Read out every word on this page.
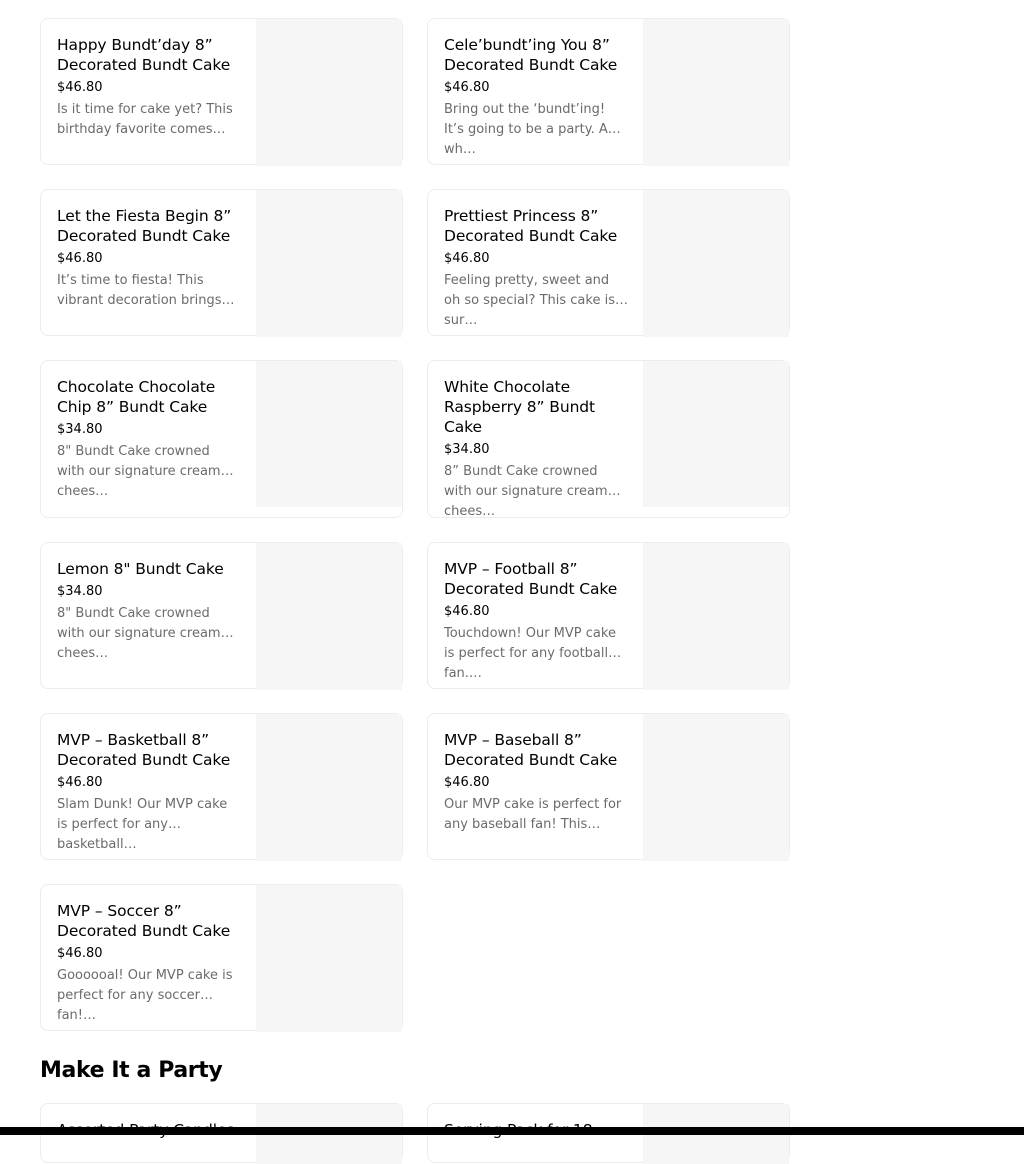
Happy Bundt’day 8” Decorated Bundt Cake
$46.80
Is it time for cake yet? This birthday favorite comes…
Cele’bundt’ing You 8” Decorated Bundt Cake
$46.80
Bring out the ‘bundt’ing! It’s going to be a party. And wh…
Let the Fiesta Begin 8” Decorated Bundt Cake
$46.80
It’s time to fiesta! This vibrant decoration brings…
Prettiest Princess 8” Decorated Bundt Cake
$46.80
Feeling pretty, sweet and oh so special? This cake is sur…
Chocolate Chocolate Chip 8” Bundt Cake
$34.80
8" Bundt Cake crowned with our signature cream chees…
White Chocolate Raspberry 8” Bundt Cake
$34.80
8” Bundt Cake crowned with our signature cream chees…
Lemon 8" Bundt Cake
$34.80
8" Bundt Cake crowned with our signature cream chees…
MVP – Football 8” Decorated Bundt Cake
$46.80
Touchdown! Our MVP cake is perfect for any football fan.…
MVP – Basketball 8” Decorated Bundt Cake
$46.80
Slam Dunk! Our MVP cake is perfect for any basketball…
MVP – Baseball 8” Decorated Bundt Cake
$46.80
Our MVP cake is perfect for any baseball fan! This…
MVP – Soccer 8” Decorated Bundt Cake
$46.80
Goooooal! Our MVP cake is perfect for any soccer fan!…
Make It a Party
